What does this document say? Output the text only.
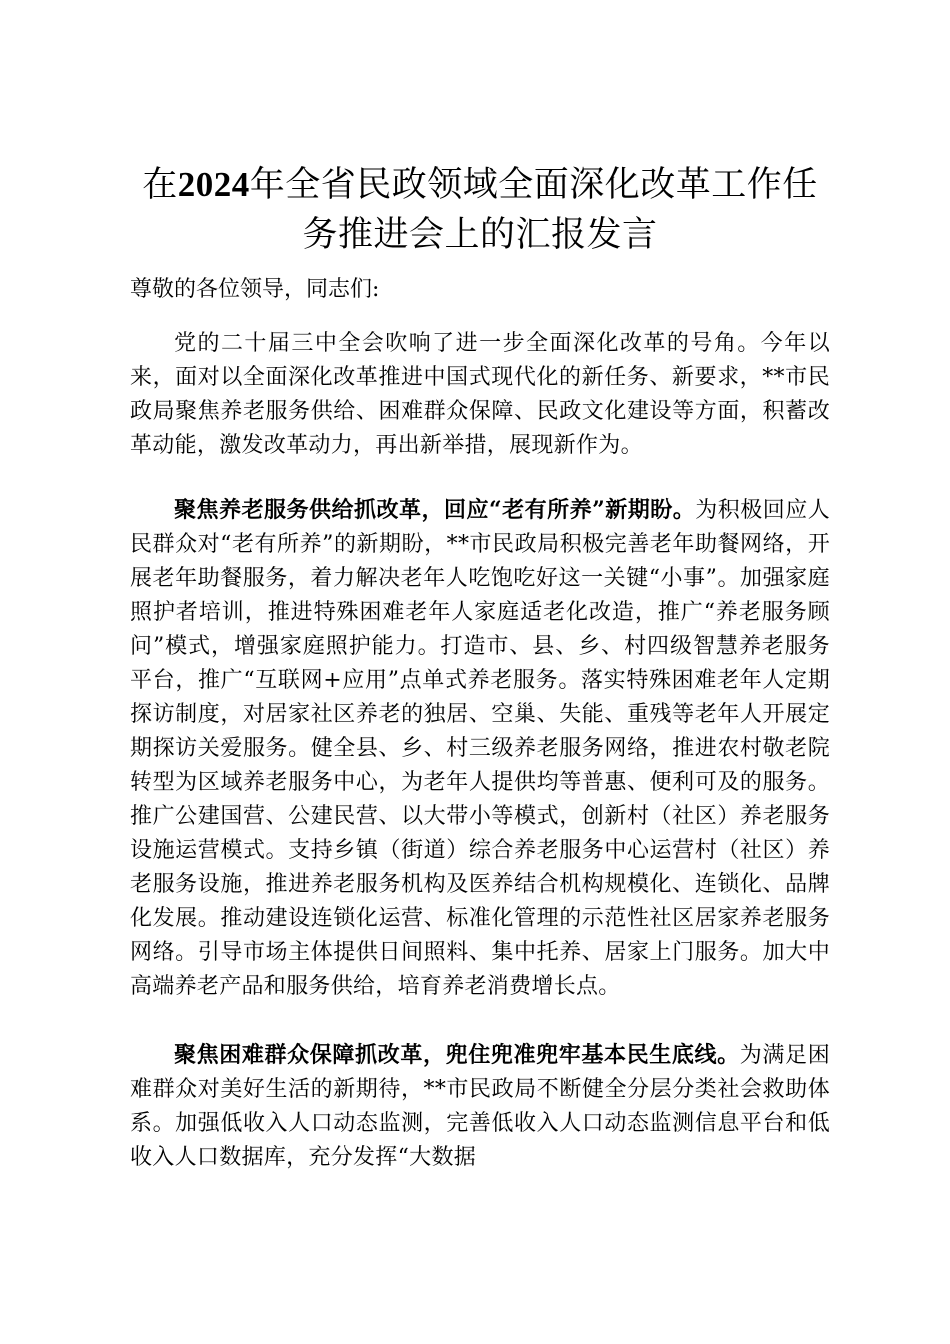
在2024年全省民政领域全面深化改革工作任务推进会上的汇报发言

尊敬的各位领导，同志们:

党的二十届三中全会吹响了进一步全面深化改革的号角。今年以来，面对以全面深化改革推进中国式现代化的新任务、新要求，**市民政局聚焦养老服务供给、困难群众保障、民政文化建设等方面，积蓄改革动能，激发改革动力，再出新举措，展现新作为。

聚焦养老服务供给抓改革，回应“老有所养”新期盼。为积极回应人民群众对“老有所养”的新期盼，**市民政局积极完善老年助餐网络，开展老年助餐服务，着力解决老年人吃饱吃好这一关键“小事”。加强家庭照护者培训，推进特殊困难老年人家庭适老化改造，推广“养老服务顾问”模式，增强家庭照护能力。打造市、县、乡、村四级智慧养老服务平台，推广“互联网+应用”点单式养老服务。落实特殊困难老年人定期探访制度，对居家社区养老的独居、空巢、失能、重残等老年人开展定期探访关爱服务。健全县、乡、村三级养老服务网络，推进农村敬老院转型为区域养老服务中心，为老年人提供均等普惠、便利可及的服务。推广公建国营、公建民营、以大带小等模式，创新村（社区）养老服务设施运营模式。支持乡镇（街道）综合养老服务中心运营村（社区）养老服务设施，推进养老服务机构及医养结合机构规模化、连锁化、品牌化发展。推动建设连锁化运营、标准化管理的示范性社区居家养老服务网络。引导市场主体提供日间照料、集中托养、居家上门服务。加大中高端养老产品和服务供给，培育养老消费增长点。

聚焦困难群众保障抓改革，兜住兜准兜牢基本民生底线。为满足困难群众对美好生活的新期待，**市民政局不断健全分层分类社会救助体系。加强低收入人口动态监测，完善低收入人口动态监测信息平台和低收入人口数据库，充分发挥“大数据
